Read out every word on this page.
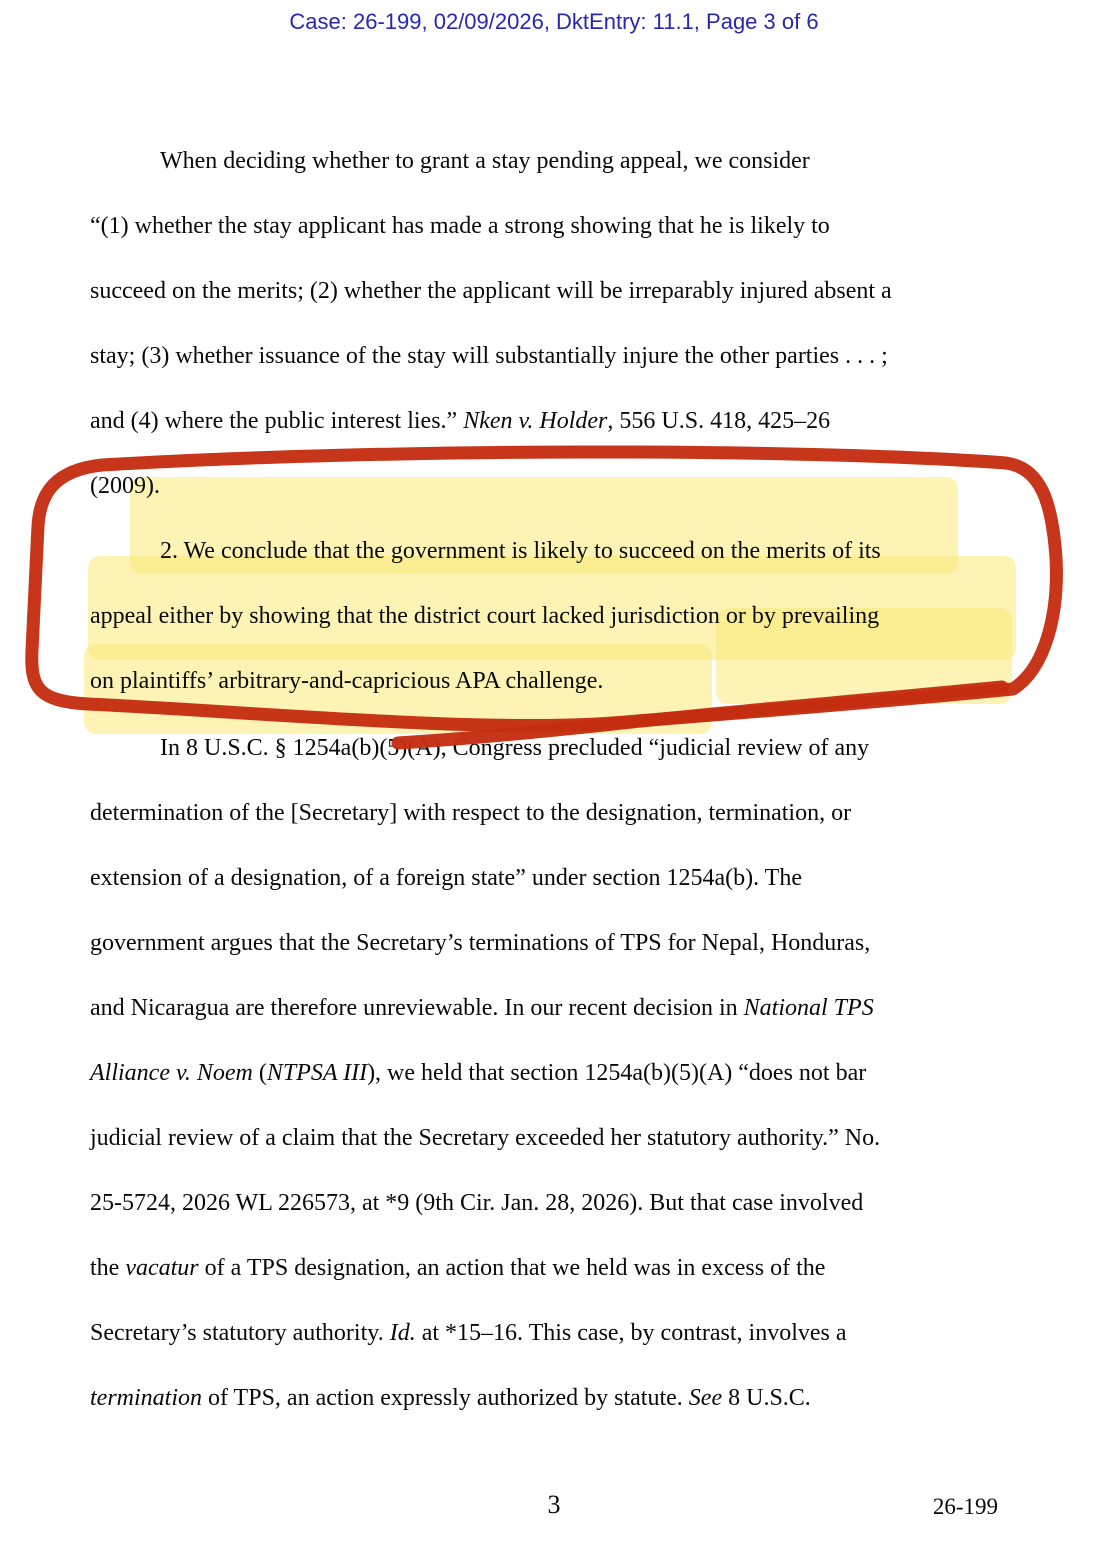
Case: 26-199, 02/09/2026, DktEntry: 11.1, Page 3 of 6
When deciding whether to grant a stay pending appeal, we consider
“(1) whether the stay applicant has made a strong showing that he is likely to
succeed on the merits; (2) whether the applicant will be irreparably injured absent a
stay; (3) whether issuance of the stay will substantially injure the other parties . . . ;
and (4) where the public interest lies.” Nken v. Holder, 556 U.S. 418, 425–26
(2009).
2. We conclude that the government is likely to succeed on the merits of its
appeal either by showing that the district court lacked jurisdiction or by prevailing
on plaintiffs’ arbitrary-and-capricious APA challenge.
In 8 U.S.C. § 1254a(b)(5)(A), Congress precluded “judicial review of any
determination of the [Secretary] with respect to the designation, termination, or
extension of a designation, of a foreign state” under section 1254a(b). The
government argues that the Secretary’s terminations of TPS for Nepal, Honduras,
and Nicaragua are therefore unreviewable. In our recent decision in National TPS
Alliance v. Noem (NTPSA III), we held that section 1254a(b)(5)(A) “does not bar
judicial review of a claim that the Secretary exceeded her statutory authority.” No.
25-5724, 2026 WL 226573, at *9 (9th Cir. Jan. 28, 2026). But that case involved
the vacatur of a TPS designation, an action that we held was in excess of the
Secretary’s statutory authority. Id. at *15–16. This case, by contrast, involves a
termination of TPS, an action expressly authorized by statute. See 8 U.S.C.
3	26-199
